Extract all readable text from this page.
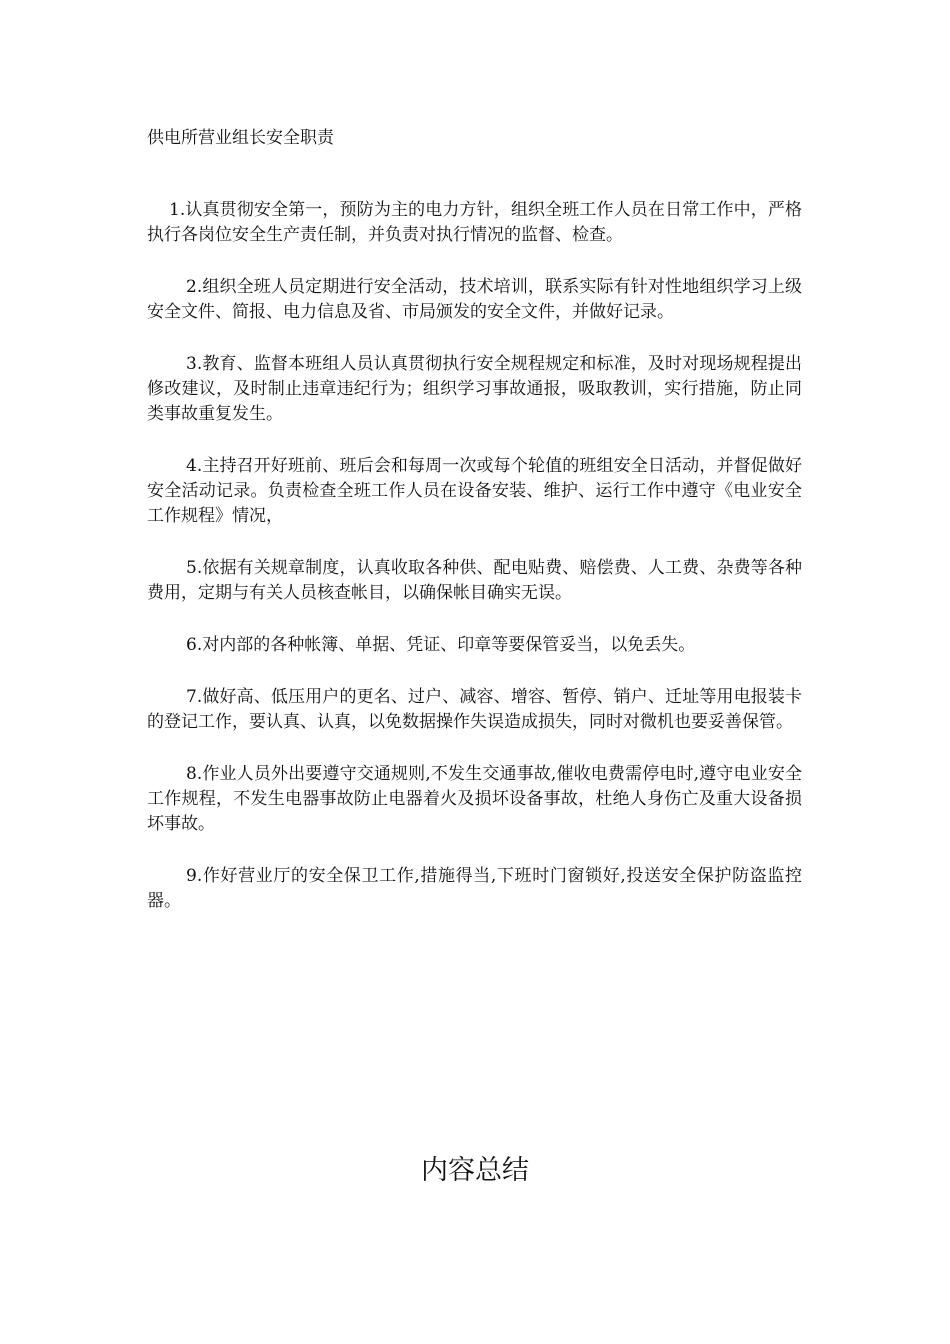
供电所营业组长安全职责

1.认真贯彻安全第一，预防为主的电力方针，组织全班工作人员在日常工作中，严格执行各岗位安全生产责任制，并负责对执行情况的监督、检查。

2.组织全班人员定期进行安全活动，技术培训，联系实际有针对性地组织学习上级安全文件、简报、电力信息及省、市局颁发的安全文件，并做好记录。

3.教育、监督本班组人员认真贯彻执行安全规程规定和标准，及时对现场规程提出修改建议，及时制止违章违纪行为；组织学习事故通报，吸取教训，实行措施，防止同类事故重复发生。

4.主持召开好班前、班后会和每周一次或每个轮值的班组安全日活动，并督促做好安全活动记录。负责检查全班工作人员在设备安装、维护、运行工作中遵守《电业安全工作规程》情况，

5.依据有关规章制度，认真收取各种供、配电贴费、赔偿费、人工费、杂费等各种费用，定期与有关人员核查帐目，以确保帐目确实无误。

6.对内部的各种帐簿、单据、凭证、印章等要保管妥当，以免丢失。

7.做好高、低压用户的更名、过户、减容、增容、暂停、销户、迁址等用电报装卡的登记工作，要认真、认真，以免数据操作失误造成损失，同时对微机也要妥善保管。

8.作业人员外出要遵守交通规则,不发生交通事故,催收电费需停电时,遵守电业安全工作规程，不发生电器事故防止电器着火及损坏设备事故，杜绝人身伤亡及重大设备损坏事故。

9.作好营业厅的安全保卫工作,措施得当,下班时门窗锁好,投送安全保护防盗监控器。

内容总结
